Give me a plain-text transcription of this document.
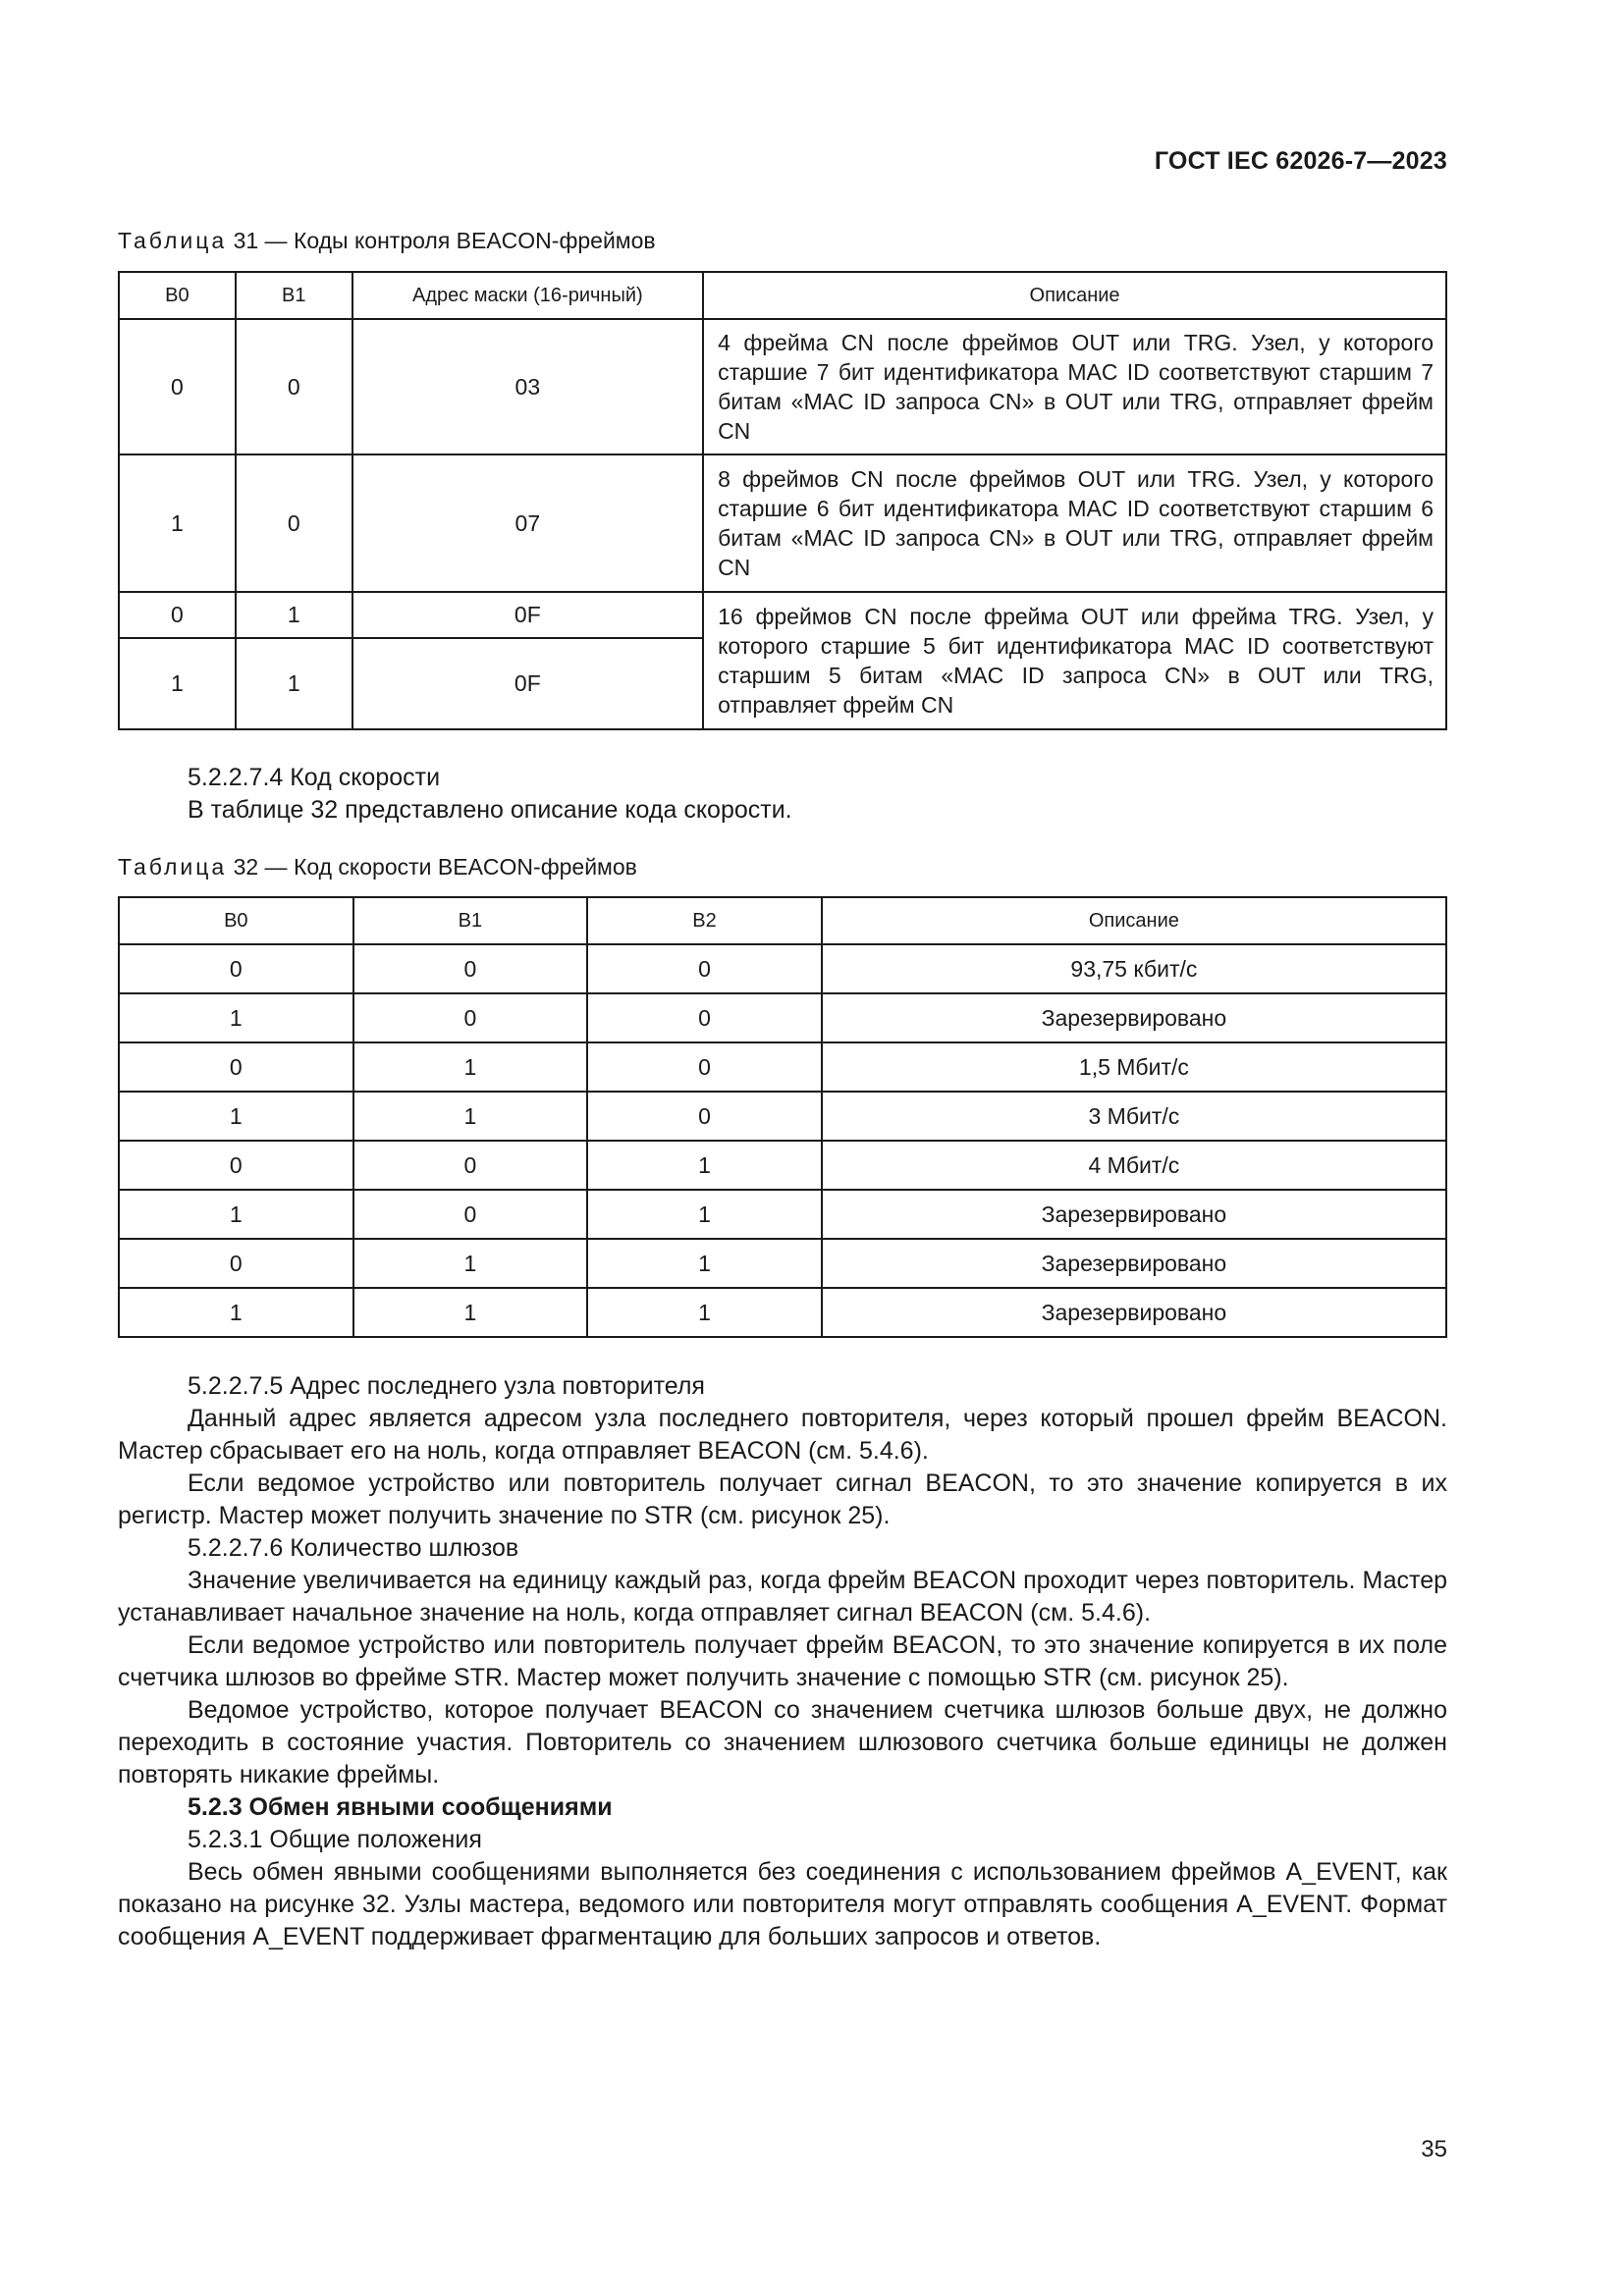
ГОСТ IEC 62026-7—2023
Таблица 31 — Коды контроля BEACON-фреймов
B0	B1	Адрес маски (16-ричный)	Описание
0	0	03	4 фрейма CN после фреймов OUT или TRG. Узел, у которого старшие 7 бит идентификатора MAC ID соответствуют старшим 7 битам «MAC ID запроса CN» в OUT или TRG, отправляет фрейм CN
1	0	07	8 фреймов CN после фреймов OUT или TRG. Узел, у которого старшие 6 бит идентификатора MAC ID соответствуют старшим 6 битам «MAC ID запроса CN» в OUT или TRG, отправляет фрейм CN
0	1	0F	16 фреймов CN после фрейма OUT или фрейма TRG. Узел, у которого старшие 5 бит идентификатора MAC ID соответствуют старшим 5 битам «MAC ID запроса CN» в OUT или TRG, отправляет фрейм CN
1	1	0F	

5.2.2.7.4 Код скорости

В таблице 32 представлено описание кода скорости.

Таблица 32 — Код скорости BEACON-фреймов
B0	B1	B2	Описание
0	0	0	93,75 кбит/с
1	0	0	Зарезервировано
0	1	0	1,5 Мбит/с
1	1	0	3 Мбит/с
0	0	1	4 Мбит/с
1	0	1	Зарезервировано
0	1	1	Зарезервировано
1	1	1	Зарезервировано

5.2.2.7.5 Адрес последнего узла повторителя

Данный адрес является адресом узла последнего повторителя, через который прошел фрейм BEACON. Мастер сбрасывает его на ноль, когда отправляет BEACON (см. 5.4.6).

Если ведомое устройство или повторитель получает сигнал BEACON, то это значение копируется в их регистр. Мастер может получить значение по STR (см. рисунок 25).

5.2.2.7.6 Количество шлюзов

Значение увеличивается на единицу каждый раз, когда фрейм BEACON проходит через повторитель. Мастер устанавливает начальное значение на ноль, когда отправляет сигнал BEACON (см. 5.4.6).

Если ведомое устройство или повторитель получает фрейм BEACON, то это значение копируется в их поле счетчика шлюзов во фрейме STR. Мастер может получить значение с помощью STR (см. рисунок 25).

Ведомое устройство, которое получает BEACON со значением счетчика шлюзов больше двух, не должно переходить в состояние участия. Повторитель со значением шлюзового счетчика больше единицы не должен повторять никакие фреймы.

5.2.3 Обмен явными сообщениями

5.2.3.1 Общие положения

Весь обмен явными сообщениями выполняется без соединения с использованием фреймов A_EVENT, как показано на рисунке 32. Узлы мастера, ведомого или повторителя могут отправлять сообщения A_EVENT. Формат сообщения A_EVENT поддерживает фрагментацию для больших запросов и ответов.

35
